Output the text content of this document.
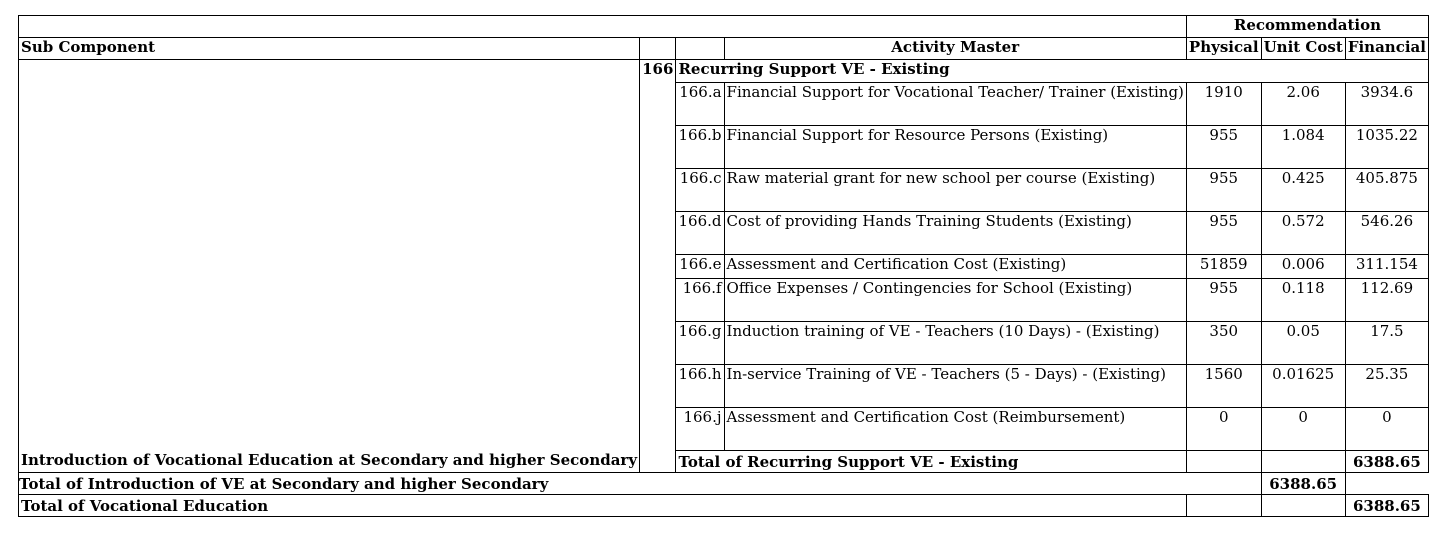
				Recommendation		
Sub Component			Activity Master	Physical	Unit Cost	Financial
Introduction of Vocational Education at Secondary and higher Secondary	166	Recurring Support VE - Existing				
		166.a	Financial Support for Vocational Teacher/ Trainer (Existing)	1910	2.06	3934.6
		166.b	Financial Support for Resource Persons (Existing)	955	1.084	1035.22
		166.c	Raw material grant for new school per course (Existing)	955	0.425	405.875
		166.d	Cost of providing Hands Training Students (Existing)	955	0.572	546.26
		166.e	Assessment and Certification Cost (Existing)	51859	0.006	311.154
		166.f	Office Expenses / Contingencies for School (Existing)	955	0.118	112.69
		166.g	Induction training of VE - Teachers (10 Days) - (Existing)	350	0.05	17.5
		166.h	In-service Training of VE - Teachers (5 - Days) - (Existing)	1560	0.01625	25.35
		166.j	Assessment and Certification Cost (Reimbursement)	0	0	0
		Total of Recurring Support VE - Existing				6388.65
Total of Introduction of VE at Secondary and higher Secondary					6388.65	
Total of Vocational Education						6388.65
